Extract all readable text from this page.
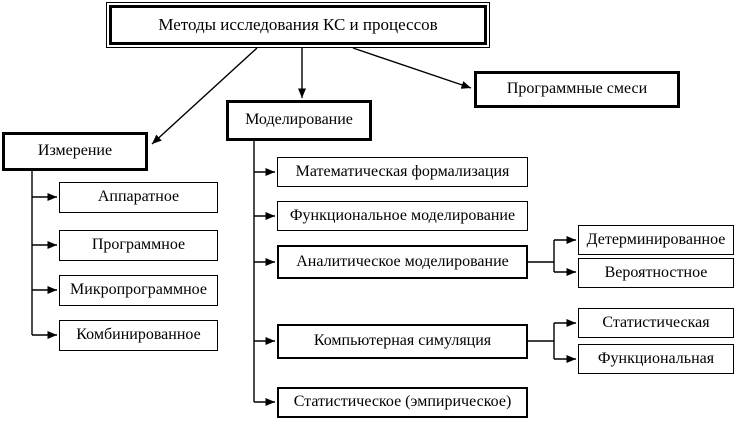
Методы исследования КС и процессов
Программные смеси
Моделирование
Измерение
Аппаратное
Программное
Микропрограммное
Комбинированное
Математическая формализация
Функциональное моделирование
Аналитическое моделирование
Компьютерная симуляция
Статистическое (эмпирическое)
Детерминированное
Вероятностное
Статистическая
Функциональная
